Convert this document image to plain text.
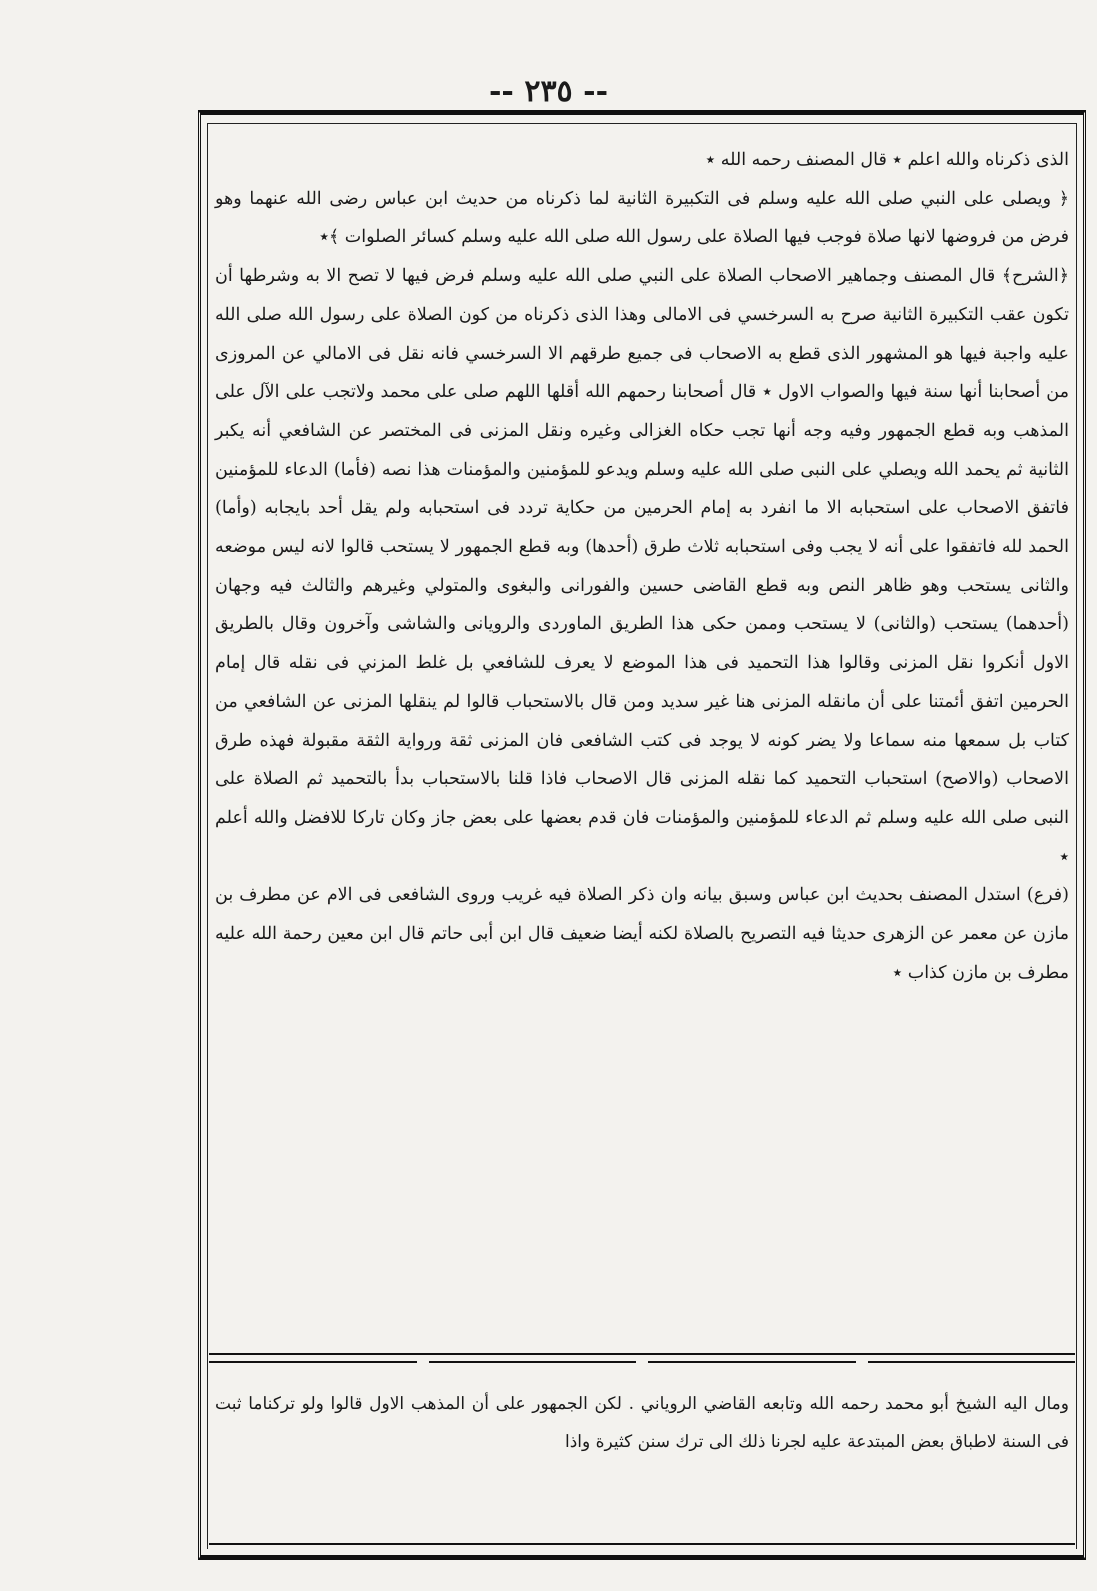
-- ٢٣٥ --

الذى ذكرناه والله اعلم ٭ قال المصنف رحمه الله ٭

﴿ ويصلى على النبي صلى الله عليه وسلم فى التكبيرة الثانية لما ذكرناه من حديث ابن عباس رضى الله عنهما وهو فرض من فروضها لانها صلاة فوجب فيها الصلاة على رسول الله صلى الله عليه وسلم كسائر الصلوات ﴾٭

﴿الشرح﴾ قال المصنف وجماهير الاصحاب الصلاة على النبي صلى الله عليه وسلم فرض فيها لا تصح الا به وشرطها أن تكون عقب التكبيرة الثانية صرح به السرخسي فى الامالى وهذا الذى ذكرناه من كون الصلاة على رسول الله صلى الله عليه واجبة فيها هو المشهور الذى قطع به الاصحاب فى جميع طرقهم الا السرخسي فانه نقل فى الامالي عن المروزى من أصحابنا أنها سنة فيها والصواب الاول ٭ قال أصحابنا رحمهم الله أقلها اللهم صلى على محمد ولاتجب على الآل على المذهب وبه قطع الجمهور وفيه وجه أنها تجب حكاه الغزالى وغيره ونقل المزنى فى المختصر عن الشافعي أنه يكبر الثانية ثم يحمد الله ويصلي على النبى صلى الله عليه وسلم ويدعو للمؤمنين والمؤمنات هذا نصه (فأما) الدعاء للمؤمنين فاتفق الاصحاب على استحبابه الا ما انفرد به إمام الحرمين من حكاية تردد فى استحبابه ولم يقل أحد بايجابه (وأما) الحمد لله فاتفقوا على أنه لا يجب وفى استحبابه ثلاث طرق (أحدها) وبه قطع الجمهور لا يستحب قالوا لانه ليس موضعه والثانى يستحب وهو ظاهر النص وبه قطع القاضى حسين والفورانى والبغوى والمتولي وغيرهم والثالث فيه وجهان (أحدهما) يستحب (والثانى) لا يستحب وممن حكى هذا الطريق الماوردى والرويانى والشاشى وآخرون وقال بالطريق الاول أنكروا نقل المزنى وقالوا هذا التحميد فى هذا الموضع لا يعرف للشافعي بل غلط المزني فى نقله قال إمام الحرمين اتفق أئمتنا على أن مانقله المزنى هنا غير سديد ومن قال بالاستحباب قالوا لم ينقلها المزنى عن الشافعي من كتاب بل سمعها منه سماعا ولا يضر كونه لا يوجد فى كتب الشافعى فان المزنى ثقة ورواية الثقة مقبولة فهذه طرق الاصحاب (والاصح) استحباب التحميد كما نقله المزنى قال الاصحاب فاذا قلنا بالاستحباب بدأ بالتحميد ثم الصلاة على النبى صلى الله عليه وسلم ثم الدعاء للمؤمنين والمؤمنات فان قدم بعضها على بعض جاز وكان تاركا للافضل والله أعلم ٭

(فرع) استدل المصنف بحديث ابن عباس وسبق بيانه وان ذكر الصلاة فيه غريب وروى الشافعى فى الام عن مطرف بن مازن عن معمر عن الزهرى حديثا فيه التصريح بالصلاة لكنه أيضا ضعيف قال ابن أبى حاتم قال ابن معين رحمة الله عليه مطرف بن مازن كذاب ٭

ومال اليه الشيخ أبو محمد رحمه الله وتابعه القاضي الروياني . لكن الجمهور على أن المذهب الاول قالوا ولو تركناما ثبت فى السنة لاطباق بعض المبتدعة عليه لجرنا ذلك الى ترك سنن كثيرة واذا
